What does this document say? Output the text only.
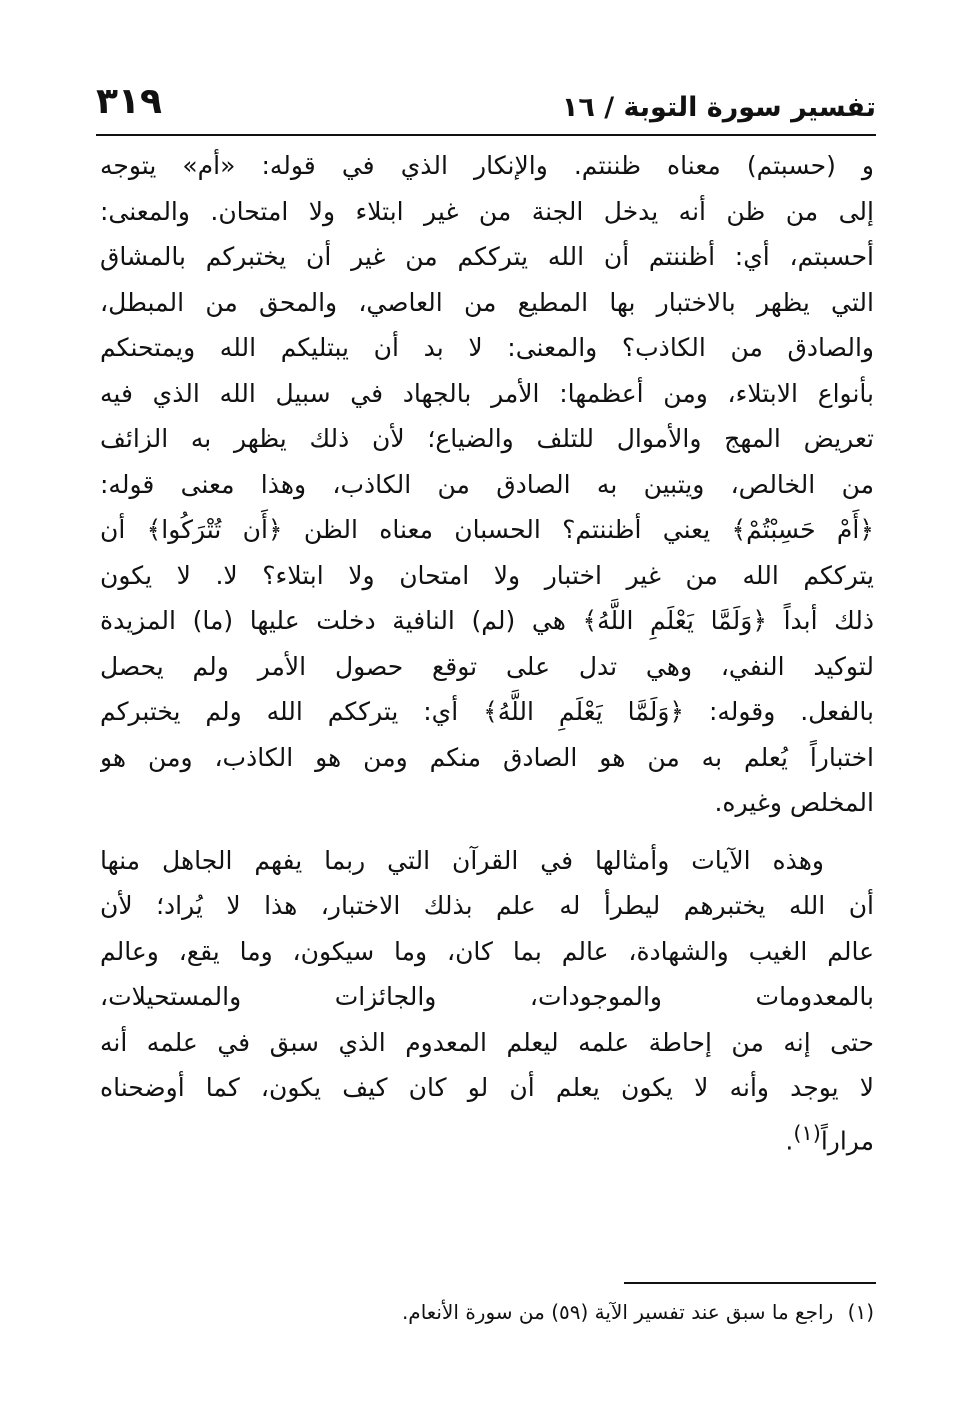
تفسير سورة التوبة / ١٦
٣١٩

و (حسبتم) معناه ظننتم. والإنكار الذي في قوله: «أم» يتوجه
إلى من ظن أنه يدخل الجنة من غير ابتلاء ولا امتحان. والمعنى:
أحسبتم، أي: أظننتم أن الله يترككم من غير أن يختبركم بالمشاق
التي يظهر بالاختبار بها المطيع من العاصي، والمحق من المبطل،
والصادق من الكاذب؟ والمعنى: لا بد أن يبتليكم الله ويمتحنكم
بأنواع الابتلاء، ومن أعظمها: الأمر بالجهاد في سبيل الله الذي فيه
تعريض المهج والأموال للتلف والضياع؛ لأن ذلك يظهر به الزائف
من الخالص، ويتبين به الصادق من الكاذب، وهذا معنى قوله:
﴿أَمْ حَسِبْتُمْ﴾ يعني أظننتم؟ الحسبان معناه الظن ﴿أَن تُتْرَكُوا﴾ أن
يترككم الله من غير اختبار ولا امتحان ولا ابتلاء؟ لا. لا يكون
ذلك أبداً ﴿وَلَمَّا يَعْلَمِ اللَّهُ﴾ هي (لم) النافية دخلت عليها (ما) المزيدة
لتوكيد النفي، وهي تدل على توقع حصول الأمر ولم يحصل
بالفعل. وقوله: ﴿وَلَمَّا يَعْلَمِ اللَّهُ﴾ أي: يترككم الله ولم يختبركم
اختباراً يُعلم به من هو الصادق منكم ومن هو الكاذب، ومن هو
المخلص وغيره.

وهذه الآيات وأمثالها في القرآن التي ربما يفهم الجاهل منها
أن الله يختبرهم ليطرأ له علم بذلك الاختبار، هذا لا يُراد؛ لأن
عالم الغيب والشهادة، عالم بما كان، وما سيكون، وما يقع، وعالم
بالمعدومات والموجودات، والجائزات والمستحيلات،
حتى إنه من إحاطة علمه ليعلم المعدوم الذي سبق في علمه أنه
لا يوجد وأنه لا يكون يعلم أن لو كان كيف يكون، كما أوضحناه
مراراً$^{(١)}$.

(١) راجع ما سبق عند تفسير الآية (٥٩) من سورة الأنعام.
